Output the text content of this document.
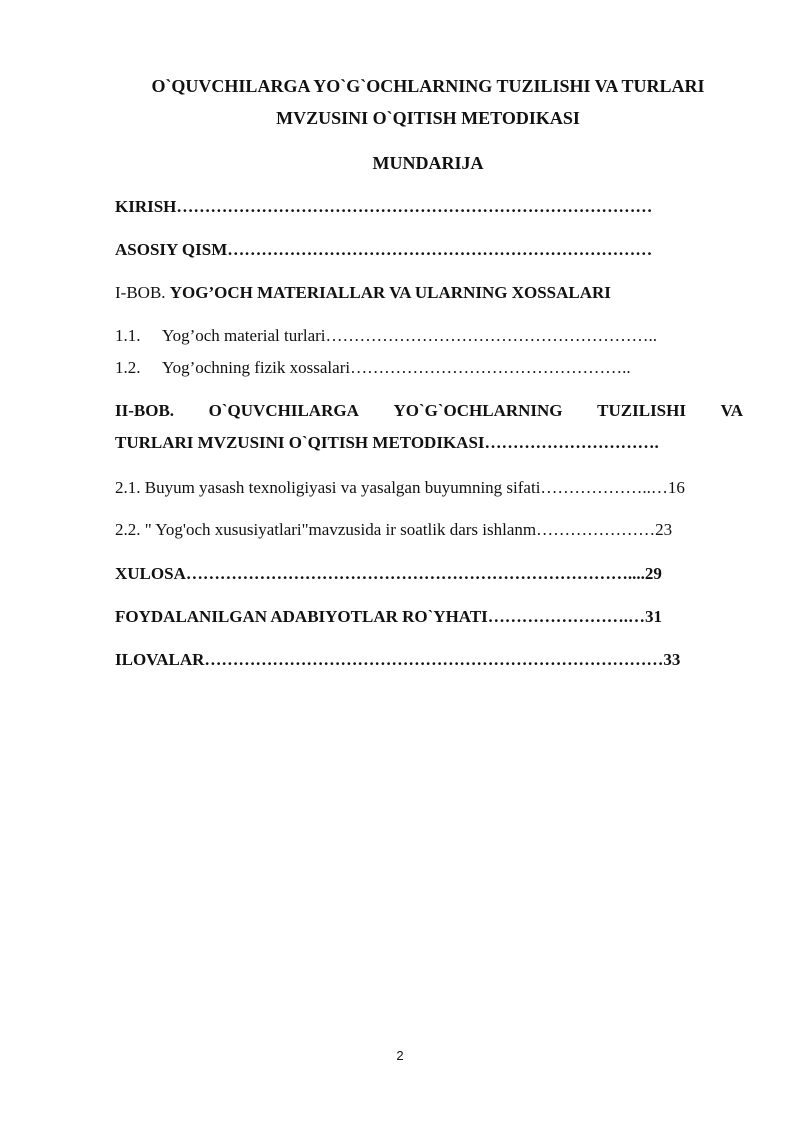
O`QUVCHILARGA YO`G`OCHLARNING TUZILISHI VA TURLARI
MVZUSINI O`QITISH METODIKASI
MUNDARIJA
KIRISH…………………………………………………………………………
ASOSIY QISM…………………………………………………………………
I-BOB. YOG’OCH MATERIALLAR VA ULARNING XOSSALARI
1.1. Yog’och material turlari…………………………………………………..
1.2. Yog’ochning fizik xossalari…………………………………………..
II-BOB. O`QUVCHILARGA YO`G`OCHLARNING TUZILISHI VA
TURLARI MVZUSINI O`QITISH METODIKASI………………………….
2.1. Buyum yasash texnoligiyasi va yasalgan buyumning sifati………………..…16
2.2. " Yog'och xususiyatlari"mavzusida ir soatlik dars ishlanm…………………23
XULOSA……………………………………………………………………....29
FOYDALANILGAN ADABIYOTLAR RO`YHATI…………………….…31
ILOVALAR………………………………………………………………………33
2
